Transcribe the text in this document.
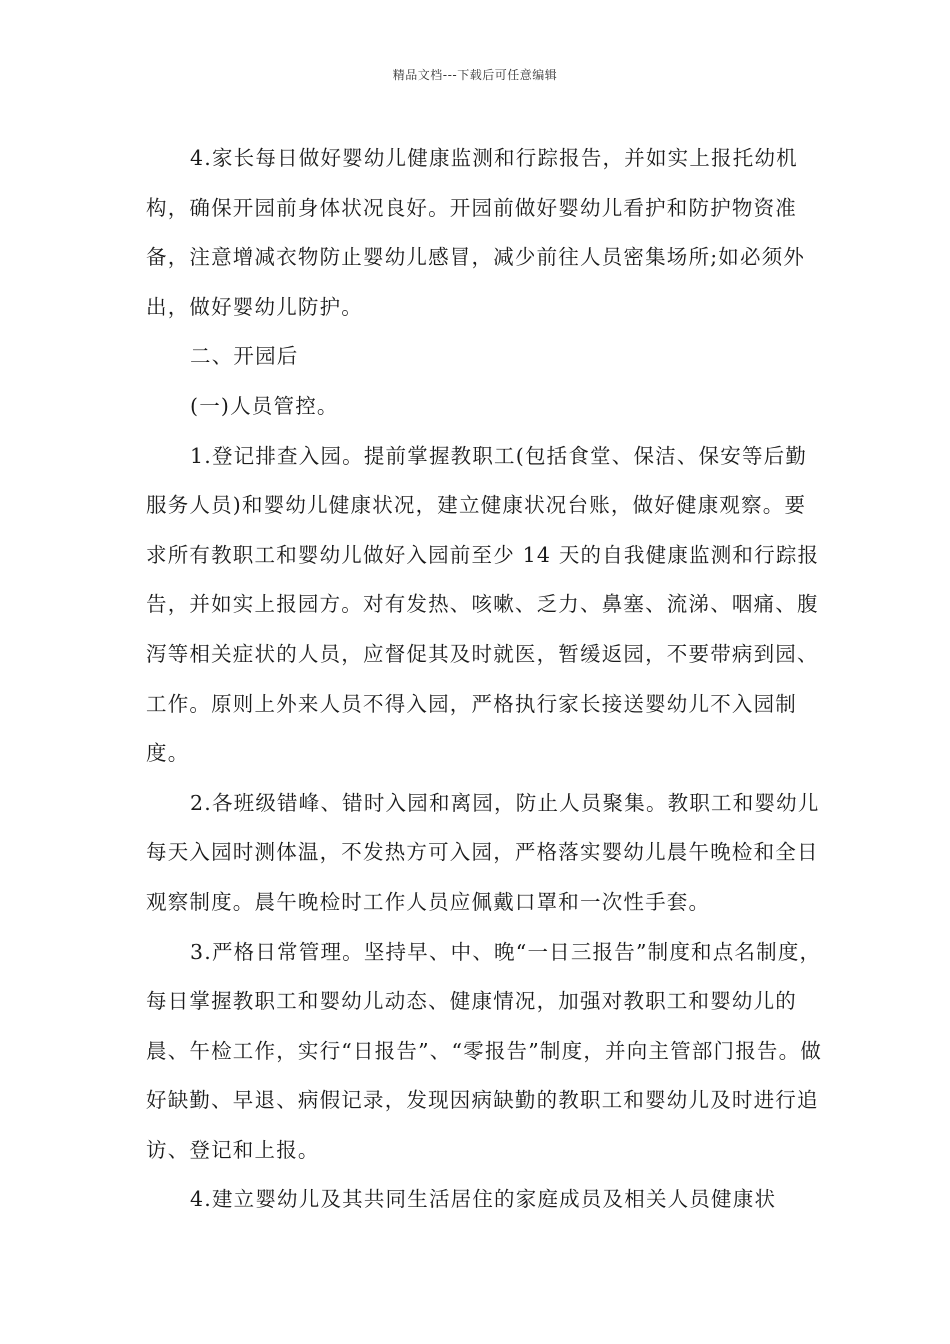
精品文档---下载后可任意编辑

4.家长每日做好婴幼儿健康监测和行踪报告，并如实上报托幼机构，确保开园前身体状况良好。开园前做好婴幼儿看护和防护物资准备，注意增减衣物防止婴幼儿感冒，减少前往人员密集场所;如必须外出，做好婴幼儿防护。

二、开园后

(一)人员管控。

1.登记排查入园。提前掌握教职工(包括食堂、保洁、保安等后勤服务人员)和婴幼儿健康状况，建立健康状况台账，做好健康观察。要求所有教职工和婴幼儿做好入园前至少 14 天的自我健康监测和行踪报告，并如实上报园方。对有发热、咳嗽、乏力、鼻塞、流涕、咽痛、腹泻等相关症状的人员，应督促其及时就医，暂缓返园，不要带病到园、工作。原则上外来人员不得入园，严格执行家长接送婴幼儿不入园制度。

2.各班级错峰、错时入园和离园，防止人员聚集。教职工和婴幼儿每天入园时测体温，不发热方可入园，严格落实婴幼儿晨午晚检和全日观察制度。晨午晚检时工作人员应佩戴口罩和一次性手套。

3.严格日常管理。坚持早、中、晚“一日三报告”制度和点名制度，每日掌握教职工和婴幼儿动态、健康情况，加强对教职工和婴幼儿的晨、午检工作，实行“日报告”、“零报告”制度，并向主管部门报告。做好缺勤、早退、病假记录，发现因病缺勤的教职工和婴幼儿及时进行追访、登记和上报。

4.建立婴幼儿及其共同生活居住的家庭成员及相关人员健康状
